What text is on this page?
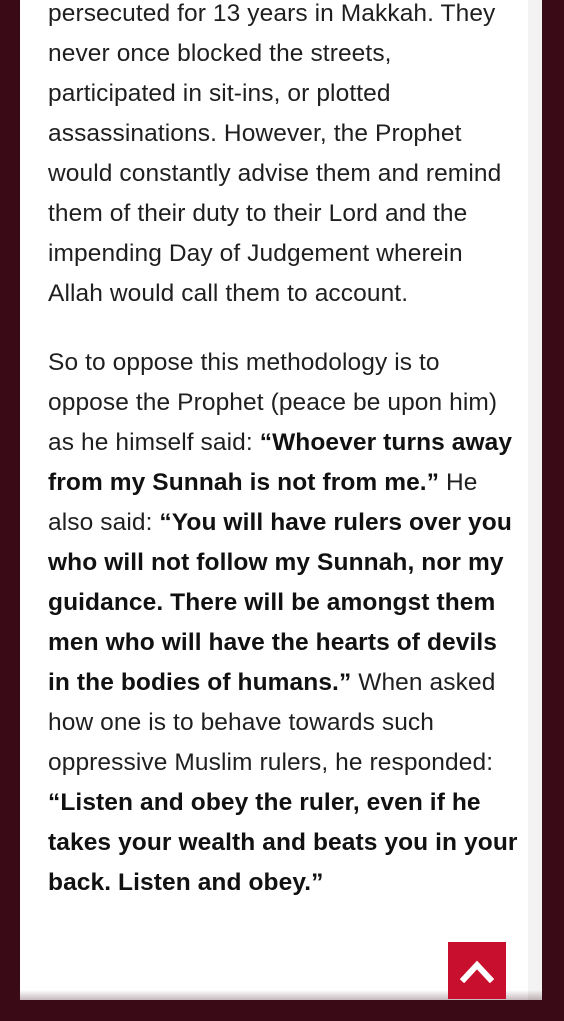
persecuted for 13 years in Makkah. They never once blocked the streets, participated in sit-ins, or plotted assassinations. However, the Prophet would constantly advise them and remind them of their duty to their Lord and the impending Day of Judgement wherein Allah would call them to account.

So to oppose this methodology is to oppose the Prophet (peace be upon him) as he himself said: “Whoever turns away from my Sunnah is not from me.” He also said: “You will have rulers over you who will not follow my Sunnah, nor my guidance. There will be amongst them men who will have the hearts of devils in the bodies of humans.” When asked how one is to behave towards such oppressive Muslim rulers, he responded: “Listen and obey the ruler, even if he takes your wealth and beats you in your back. Listen and obey.”
